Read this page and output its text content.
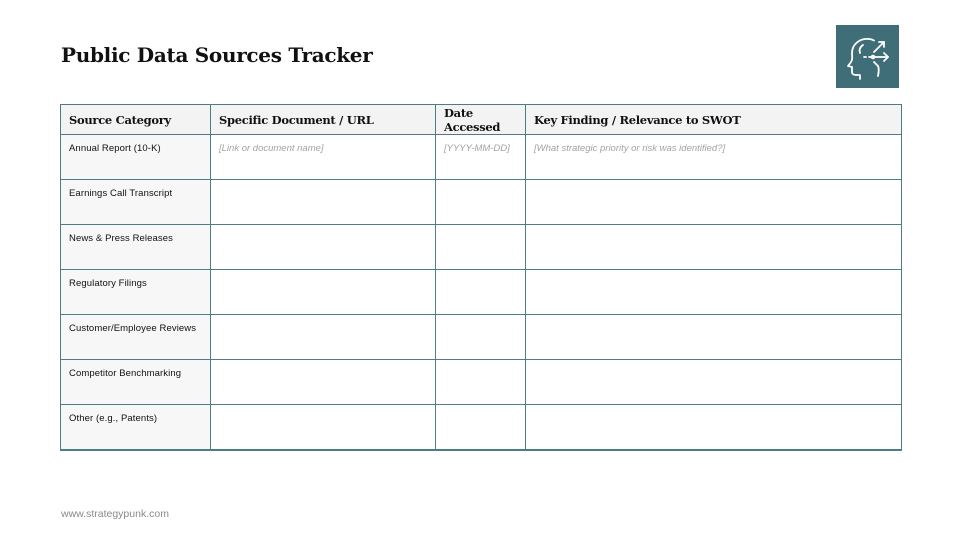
Public Data Sources Tracker
Source Category	Specific Document / URL	Date Accessed	Key Finding / Relevance to SWOT
Annual Report (10-K)	[Link or document name]	[YYYY-MM-DD]	[What strategic priority or risk was identified?]
Earnings Call Transcript			
News & Press Releases			
Regulatory Filings			
Customer/Employee Reviews			
Competitor Benchmarking			
Other (e.g., Patents)			
www.strategypunk.com
